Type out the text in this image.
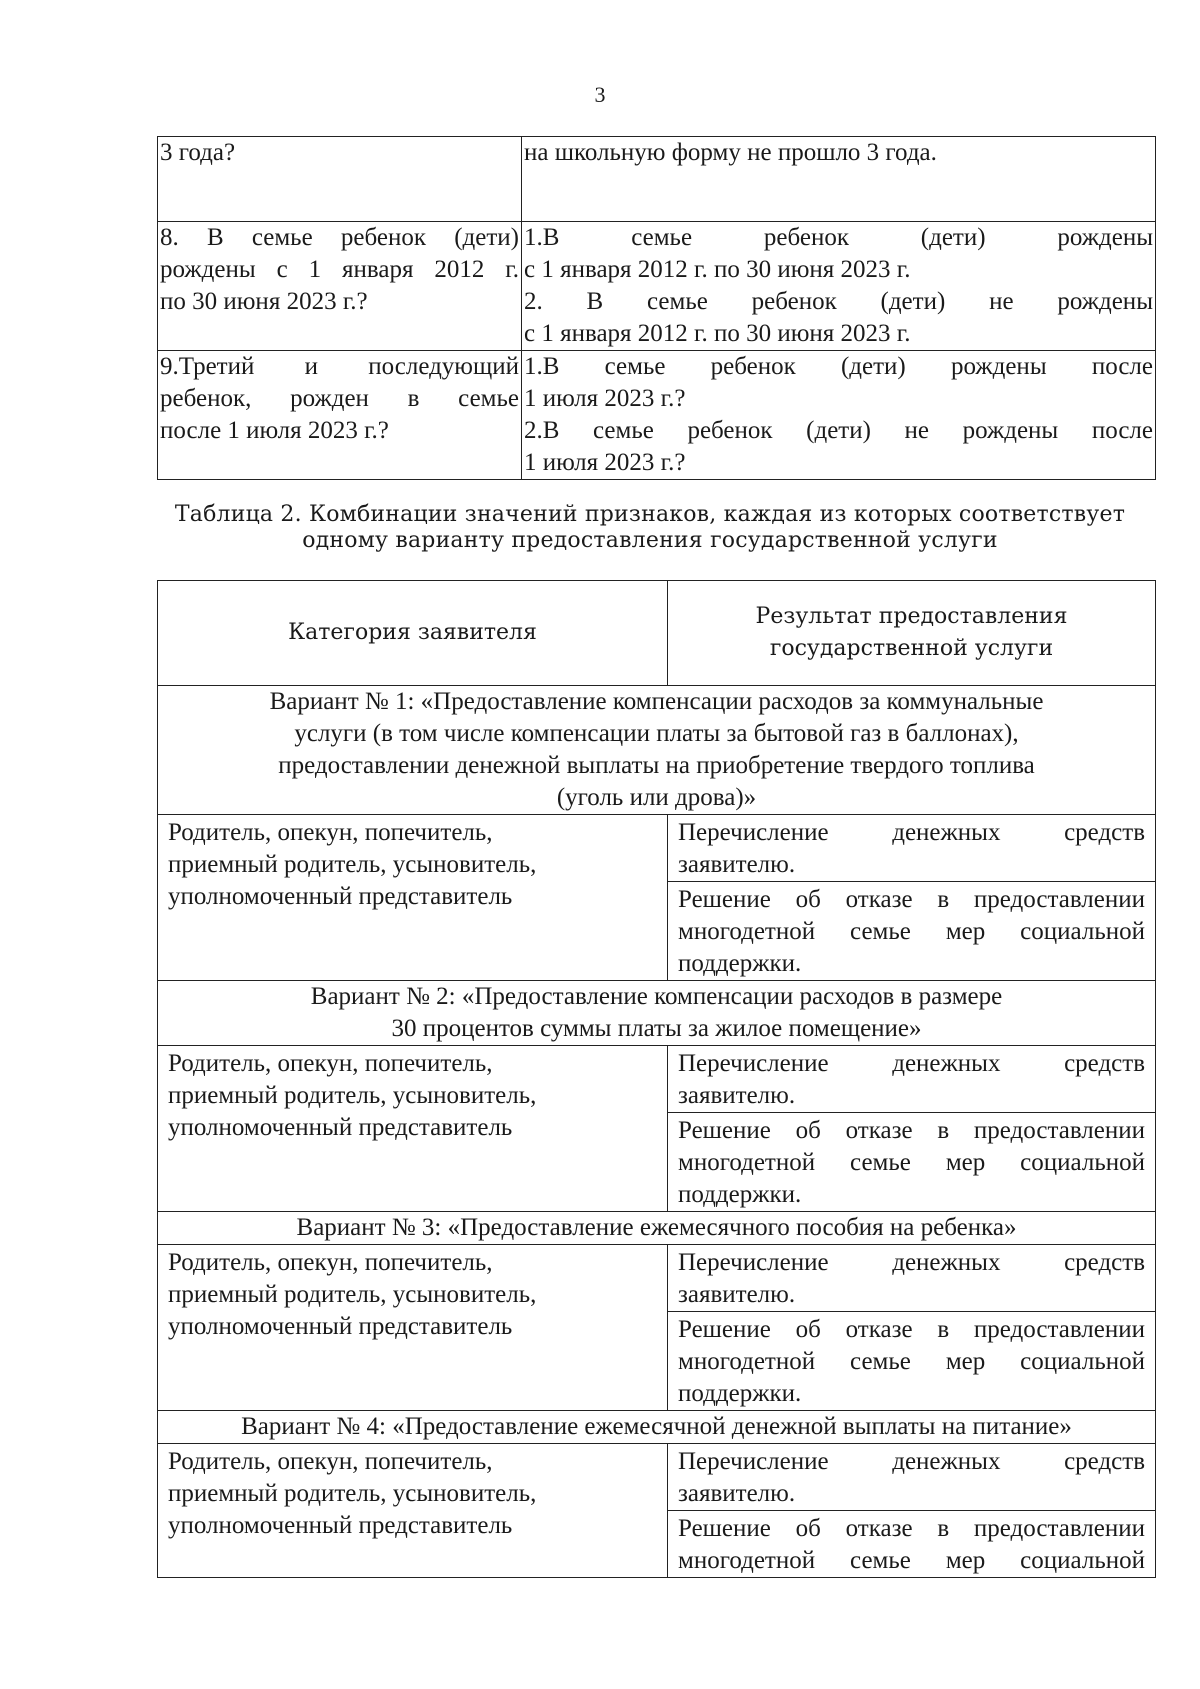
3
3 года?	на школьную форму не прошло 3 года.

8. В семье ребенок (дети)
рождены с 1 января 2012 г.
по 30 июня 2023 г.?	1.В семье ребенок (дети) рождены
с 1 января 2012 г. по 30 июня 2023 г.
2. В семье ребенок (дети) не рождены
с 1 января 2012 г. по 30 июня 2023 г.

9.Третий и последующий
ребенок, рожден в семье
после 1 июля 2023 г.?	1.В семье ребенок (дети) рождены после
1 июля 2023 г.?
2.В семье ребенок (дети) не рождены после
1 июля 2023 г.?
Таблица 2. Комбинации значений признаков, каждая из которых соответствует
одному варианту предоставления государственной услуги
Категория заявителя	Результат предоставления
государственной услуги

Вариант № 1: «Предоставление компенсации расходов за коммунальные
услуги (в том числе компенсации платы за бытовой газ в баллонах),
предоставлении денежной выплаты на приобретение твердого топлива
(уголь или дрова)»	

Родитель, опекун, попечитель,
приемный родитель, усыновитель,
уполномоченный представитель	Перечисление денежных средств
заявителю.

	Решение об отказе в предоставлении
многодетной семье мер социальной
поддержки.

Вариант № 2: «Предоставление компенсации расходов в размере
30 процентов суммы платы за жилое помещение»	

Родитель, опекун, попечитель,
приемный родитель, усыновитель,
уполномоченный представитель	Перечисление денежных средств
заявителю.

	Решение об отказе в предоставлении
многодетной семье мер социальной
поддержки.

Вариант № 3: «Предоставление ежемесячного пособия на ребенка»	

Родитель, опекун, попечитель,
приемный родитель, усыновитель,
уполномоченный представитель	Перечисление денежных средств
заявителю.

	Решение об отказе в предоставлении
многодетной семье мер социальной
поддержки.

Вариант № 4: «Предоставление ежемесячной денежной выплаты на питание»	

Родитель, опекун, попечитель,
приемный родитель, усыновитель,
уполномоченный представитель	Перечисление денежных средств
заявителю.

	Решение об отказе в предоставлении
многодетной семье мер социальной
